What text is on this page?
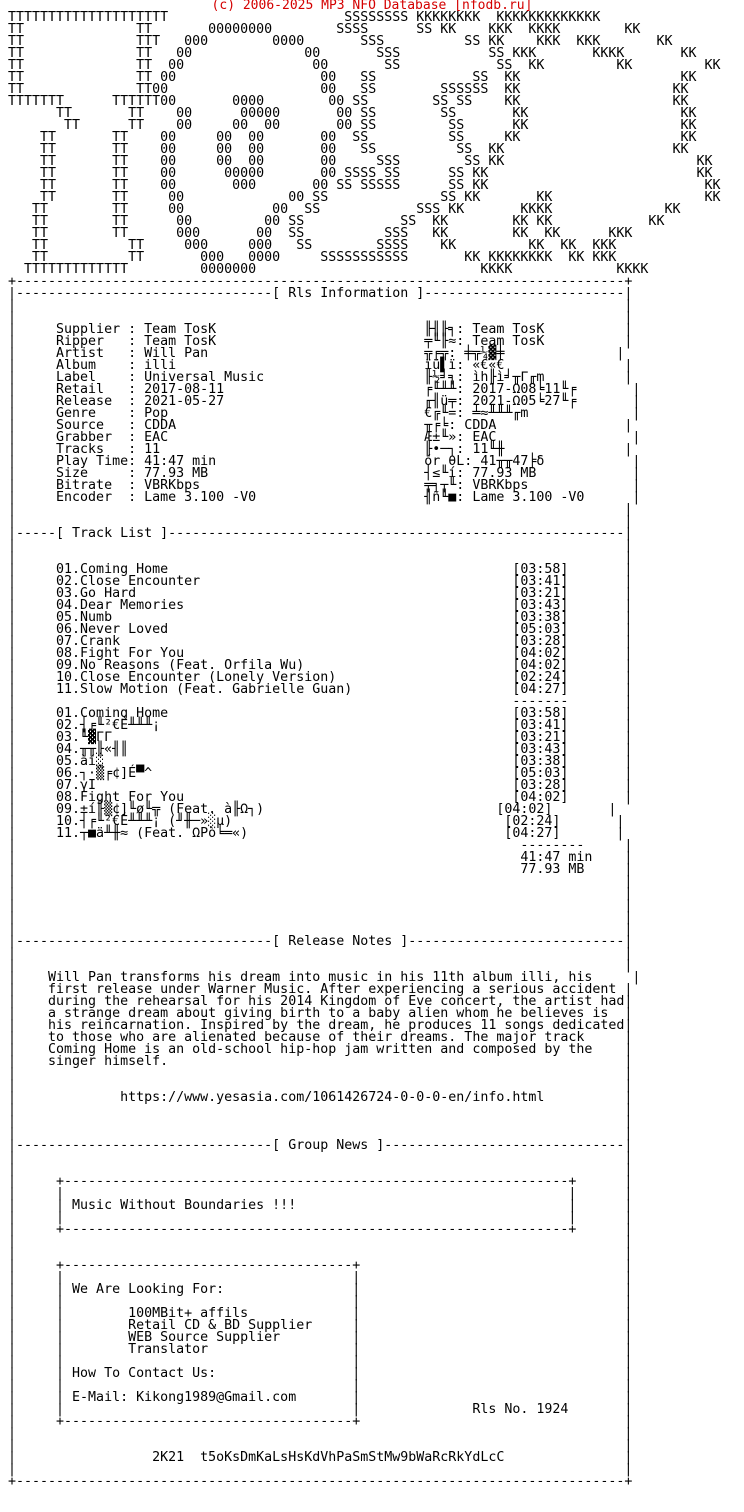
(c) 2006-2025 MP3 NFO Database [nfodb.ru]
TTTTTTTTTTTTTTTTTTTT                      SSSSSSSS KKKKKKKK  KKKKKKKKKKKKK
TT              TT       00000000        SSSS      SS KK    KKK  KKKK        KK
TT              TTT   000        0000       SSS          SS KK    KKK  KKK       KK
TT              TT   00              00       SSS           SS KKK       KKKK       KK
TT              TT  00                00       SS            SS  KK         KK         KK
TT              TT 00                  00   SS            SS  KK                    KK
TT              TT00                   00   SS        SSSSSS  KK                   KK
TTTTTTT      TTTTTT00       0000        00 SS        SS SS    KK                   KK
TT       TT    00      00000       00 SS        SS       KK                   KK
TT      TT    00     00  00       00 SS         SS      KK                   KK
TT       TT    00     00  00       00  SS          SS     KK                    KK
TT       TT    00     00  00       00   SS          SS  KK                     KK
TT       TT    00     00  00       00     SSS        SS KK                        KK
TT       TT    00      00000       00 SSSS SS      SS KK                          KK
TT       TT    00       000       00 SS SSSSS      SS KK                           KK
TT       TT     00             00 SS              SS KK       KK                   KK
TT        TT     00           00  SS            SSS KK       KKKK              KK
TT        TT      00         00 SS            SS  KK        KK KK            KK
TT        TT      000       00  SS          SSS   KK        KK  KK      KKK
TT          TT     000     000   SS        SSSS    KK         KK  KK  KKK
TT          TT       000   0000     SSSSSSSSSSS       KK KKKKKKKK  KK KKK
TTTTTTTTTTTTT         0000000                            KKKK             KKKK
+----------------------------------------------------------------------------+
|--------------------------------[ Rls Information ]-------------------------|
|                                                                            |
|                                                                            |
|     Supplier : Team TosK                          ╟╢╟╕: Team TosK          |
|     Ripper   : Team TosK                          ╤╙╟≈: Team TosK          |
|     Artist   : Will Pan                           ╦╒╦: ╪╦¼▓╪              |
|     Album    : illi                               ïü▌ï: «€«€               |
|     Label    : Universal Music                    ╟½╛╕: ìh╟ì╛╥Γ╓m          |
|     Retail   : 2017-08-11                         ╒╙╨╨: 2017-Ω08╘11╙╒       |
|     Release  : 2021-05-27                         ╓╢ü╤: 2021-Ω05╘27╙╒       |
|     Genre    : Pop                                €╔╙=: ╧≈╨╨╨╓m             |
|     Source   : CDDA                               ╥╒╘: CDDA                |
|     Grabber  : EAC                                Æ±╙»: EAC                 |
|     Tracks   : 11                                 ╟•─┐: 11╙╫               |
|     Play Time: 41:47 min                          ór θL: 41╥╥47╞δ           |
|     Size     : 77.93 MB                           ┤≤╙í: 77.93 MB            |
|     Bitrate  : VBRKbps                            ╤╕┬╙: VBRKbps             |
|     Encoder  : Lame 3.100 -V0                     ╢ñ╙■: Lame 3.100 -V0      |
|                                                                            |
|                                                                            |
|-----[ Track List ]---------------------------------------------------------|
|                                                                            |
|                                                                            |
|     01.Coming Home                                           [03:58]       |
|     02.Close Encounter                                       [03:41]       |
|     03.Go Hard                                               [03:21]       |
|     04.Dear Memories                                         [03:43]       |
|     05.Numb                                                  [03:38]       |
|     06.Never Loved                                           [05:03]       |
|     07.Crank                                                 [03:28]       |
|     08.Fight For You                                         [04:02]       |
|     09.No Reasons (Feat. Orfila Wu)                          [04:02]       |
|     10.Close Encounter (Lonely Version)                      [02:24]       |
|     11.Slow Motion (Feat. Gabrielle Guan)                    [04:27]       |
|                                                              -------       |
|     01.Coming Home                                           [03:58]       |
|     02.┤╒╙²€É╨╨╨¡                                            [03:41]       |
|     03.╙▓ΓΓ                                                  [03:21]       |
|     04.╥╥╟«╢║                                                [03:43]       |
|     05.àí░                                                   [03:38]       |
|     06.┐·▒╒¢]É▀^                                             [05:03]       |
|     07.γI                                                    [03:28]       |
|     08.Fight For You                                         [04:02]       |
|     09.±í╟▒¢]╙ø╙╦ (Feat. à╟Ω┐)                             [04:02]       |
|     10.┤╒╙²€É╨╨╨¡ (╜╫─»░µ)                                  [02:24]       |
|     11.┬■ä╨╫≈ (Feat. ΩPò╘═«)                                [04:27]       |
|                                                               --------     |
|                                                               41:47 min    |
|                                                               77.93 MB     |
|                                                                            |
|                                                                            |
|                                                                            |
|                                                                            |
|                                                                            |
|--------------------------------[ Release Notes ]---------------------------|
|                                                                            |
|                                                                            |
|    Will Pan transforms his dream into music in his 11th album illi, his     |
|    first release under Warner Music. After experiencing a serious accident |
|    during the rehearsal for his 2014 Kingdom of Eve concert, the artist had|
|    a strange dream about giving birth to a baby alien whom he believes is  |
|    his reincarnation. Inspired by the dream, he produces 11 songs dedicated|
|    to those who are alienated because of their dreams. The major track     |
|    Coming Home is an old-school hip-hop jam written and composed by the    |
|    singer himself.                                                         |
|                                                                            |
|                                                                            |
|             https://www.yesasia.com/1061426724-0-0-0-en/info.html          |
|                                                                            |
|                                                                            |
|                                                                            |
|--------------------------------[ Group News ]------------------------------|
|                                                                            |
|                                                                            |
|     +---------------------------------------------------------------+      |
|     |                                                               |      |
|     | Music Without Boundaries !!!                                  |      |
|     |                                                               |      |
|     +---------------------------------------------------------------+      |
|                                                                            |
|                                                                            |
|     +------------------------------------+                                 |
|     |                                    |                                 |
|     | We Are Looking For:                |                                 |
|     |                                    |                                 |
|     |        100MBit+ affils             |                                 |
|     |        Retail CD & BD Supplier     |                                 |
|     |        WEB Source Supplier         |                                 |
|     |        Translator                  |                                 |
|     |                                    |                                 |
|     | How To Contact Us:                 |                                 |
|     |                                    |                                 |
|     | E-Mail: Kikong1989@Gmail.com       |                                 |
|     |                                    |              Rls No. 1924       |
|     +------------------------------------+                                 |
|                                                                            |
|                                                                            |
|                 2K21  t5oKsDmKaLsHsKdVhPaSmStMw9bWaRcRkYdLcC               |
|                                                                            |
+----------------------------------------------------------------------------+
